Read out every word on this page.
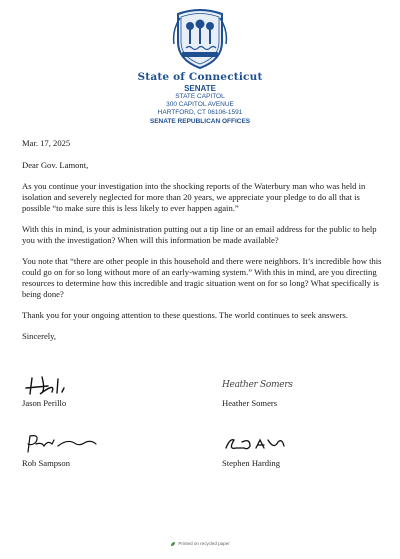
State of Connecticut
SENATE
STATE CAPITOL
300 CAPITOL AVENUE
HARTFORD, CT 06106-1591
SENATE REPUBLICAN OFFICES

Mar. 17, 2025

Dear Gov. Lamont,

As you continue your investigation into the shocking reports of the Waterbury man who was held in isolation and severely neglected for more than 20 years, we appreciate your pledge to do all that is possible “to make sure this is less likely to ever happen again.”

With this in mind, is your administration putting out a tip line or an email address for the public to help you with the investigation? When will this information be made available?

You note that “there are other people in this household and there were neighbors. It’s incredible how this could go on for so long without more of an early-warning system.” With this in mind, are you directing resources to determine how this incredible and tragic situation went on for so long? What specifically is being done?

Thank you for your ongoing attention to these questions. The world continues to seek answers.

Sincerely,

Jason Perillo
Heather Somers
Heather Somers
Rob Sampson	Stephen Harding
Printed on recycled paper
